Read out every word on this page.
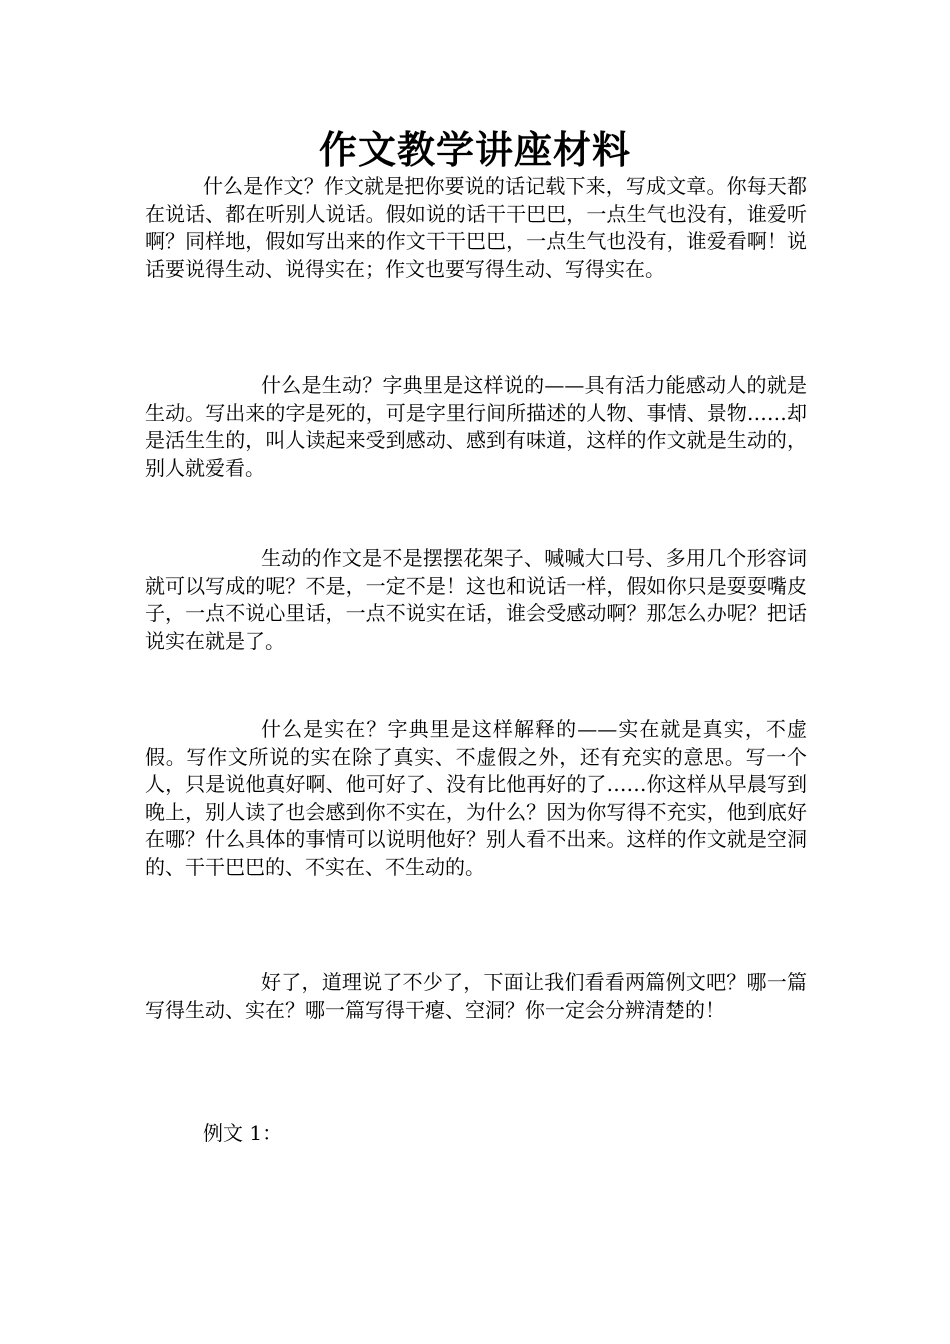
作文教学讲座材料

什么是作文？作文就是把你要说的话记载下来，写成文章。你每天都在说话、都在听别人说话。假如说的话干干巴巴，一点生气也没有，谁爱听啊？同样地，假如写出来的作文干干巴巴，一点生气也没有，谁爱看啊！说话要说得生动、说得实在；作文也要写得生动、写得实在。

什么是生动？字典里是这样说的——具有活力能感动人的就是生动。写出来的字是死的，可是字里行间所描述的人物、事情、景物……却是活生生的，叫人读起来受到感动、感到有味道，这样的作文就是生动的，别人就爱看。

生动的作文是不是摆摆花架子、喊喊大口号、多用几个形容词就可以写成的呢？不是，一定不是！这也和说话一样，假如你只是耍耍嘴皮子，一点不说心里话，一点不说实在话，谁会受感动啊？那怎么办呢？把话说实在就是了。

什么是实在？字典里是这样解释的——实在就是真实，不虚假。写作文所说的实在除了真实、不虚假之外，还有充实的意思。写一个人，只是说他真好啊、他可好了、没有比他再好的了……你这样从早晨写到晚上，别人读了也会感到你不实在，为什么？因为你写得不充实，他到底好在哪？什么具体的事情可以说明他好？别人看不出来。这样的作文就是空洞的、干干巴巴的、不实在、不生动的。

好了，道理说了不少了，下面让我们看看两篇例文吧？哪一篇写得生动、实在？哪一篇写得干瘪、空洞？你一定会分辨清楚的！

例文 1：
